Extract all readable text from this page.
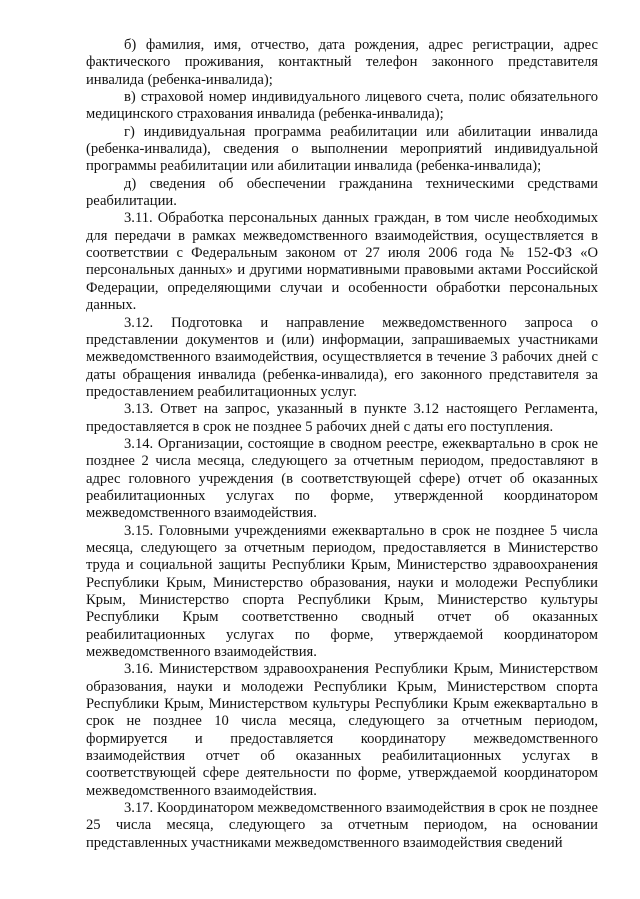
б) фамилия, имя, отчество, дата рождения, адрес регистрации, адрес фактического проживания, контактный телефон законного представителя инвалида (ребенка-инвалида);

в) страховой номер индивидуального лицевого счета, полис обязательного медицинского страхования инвалида (ребенка-инвалида);

г) индивидуальная программа реабилитации или абилитации инвалида (ребенка-инвалида), сведения о выполнении мероприятий индивидуальной программы реабилитации или абилитации инвалида (ребенка-инвалида);

д) сведения об обеспечении гражданина техническими средствами реабилитации.

3.11. Обработка персональных данных граждан, в том числе необходимых для передачи в рамках межведомственного взаимодействия, осуществляется в соответствии с Федеральным законом от 27 июля 2006 года № 152-ФЗ «О персональных данных» и другими нормативными правовыми актами Российской Федерации, определяющими случаи и особенности обработки персональных данных.

3.12. Подготовка и направление межведомственного запроса о представлении документов и (или) информации, запрашиваемых участниками межведомственного взаимодействия, осуществляется в течение 3 рабочих дней с даты обращения инвалида (ребенка-инвалида), его законного представителя за предоставлением реабилитационных услуг.

3.13. Ответ на запрос, указанный в пункте 3.12 настоящего Регламента, предоставляется в срок не позднее 5 рабочих дней с даты его поступления.

3.14. Организации, состоящие в сводном реестре, ежеквартально в срок не позднее 2 числа месяца, следующего за отчетным периодом, предоставляют в адрес головного учреждения (в соответствующей сфере) отчет об оказанных реабилитационных услугах по форме, утвержденной координатором межведомственного взаимодействия.

3.15. Головными учреждениями ежеквартально в срок не позднее 5 числа месяца, следующего за отчетным периодом, предоставляется в Министерство труда и социальной защиты Республики Крым, Министерство здравоохранения Республики Крым, Министерство образования, науки и молодежи Республики Крым, Министерство спорта Республики Крым, Министерство культуры Республики Крым соответственно сводный отчет об оказанных реабилитационных услугах по форме, утверждаемой координатором межведомственного взаимодействия.

3.16. Министерством здравоохранения Республики Крым, Министерством образования, науки и молодежи Республики Крым, Министерством спорта Республики Крым, Министерством культуры Республики Крым ежеквартально в срок не позднее 10 числа месяца, следующего за отчетным периодом, формируется и предоставляется координатору межведомственного взаимодействия отчет об оказанных реабилитационных услугах в соответствующей сфере деятельности по форме, утверждаемой координатором межведомственного взаимодействия.

3.17. Координатором межведомственного взаимодействия в срок не позднее 25 числа месяца, следующего за отчетным периодом, на основании представленных участниками межведомственного взаимодействия сведений
